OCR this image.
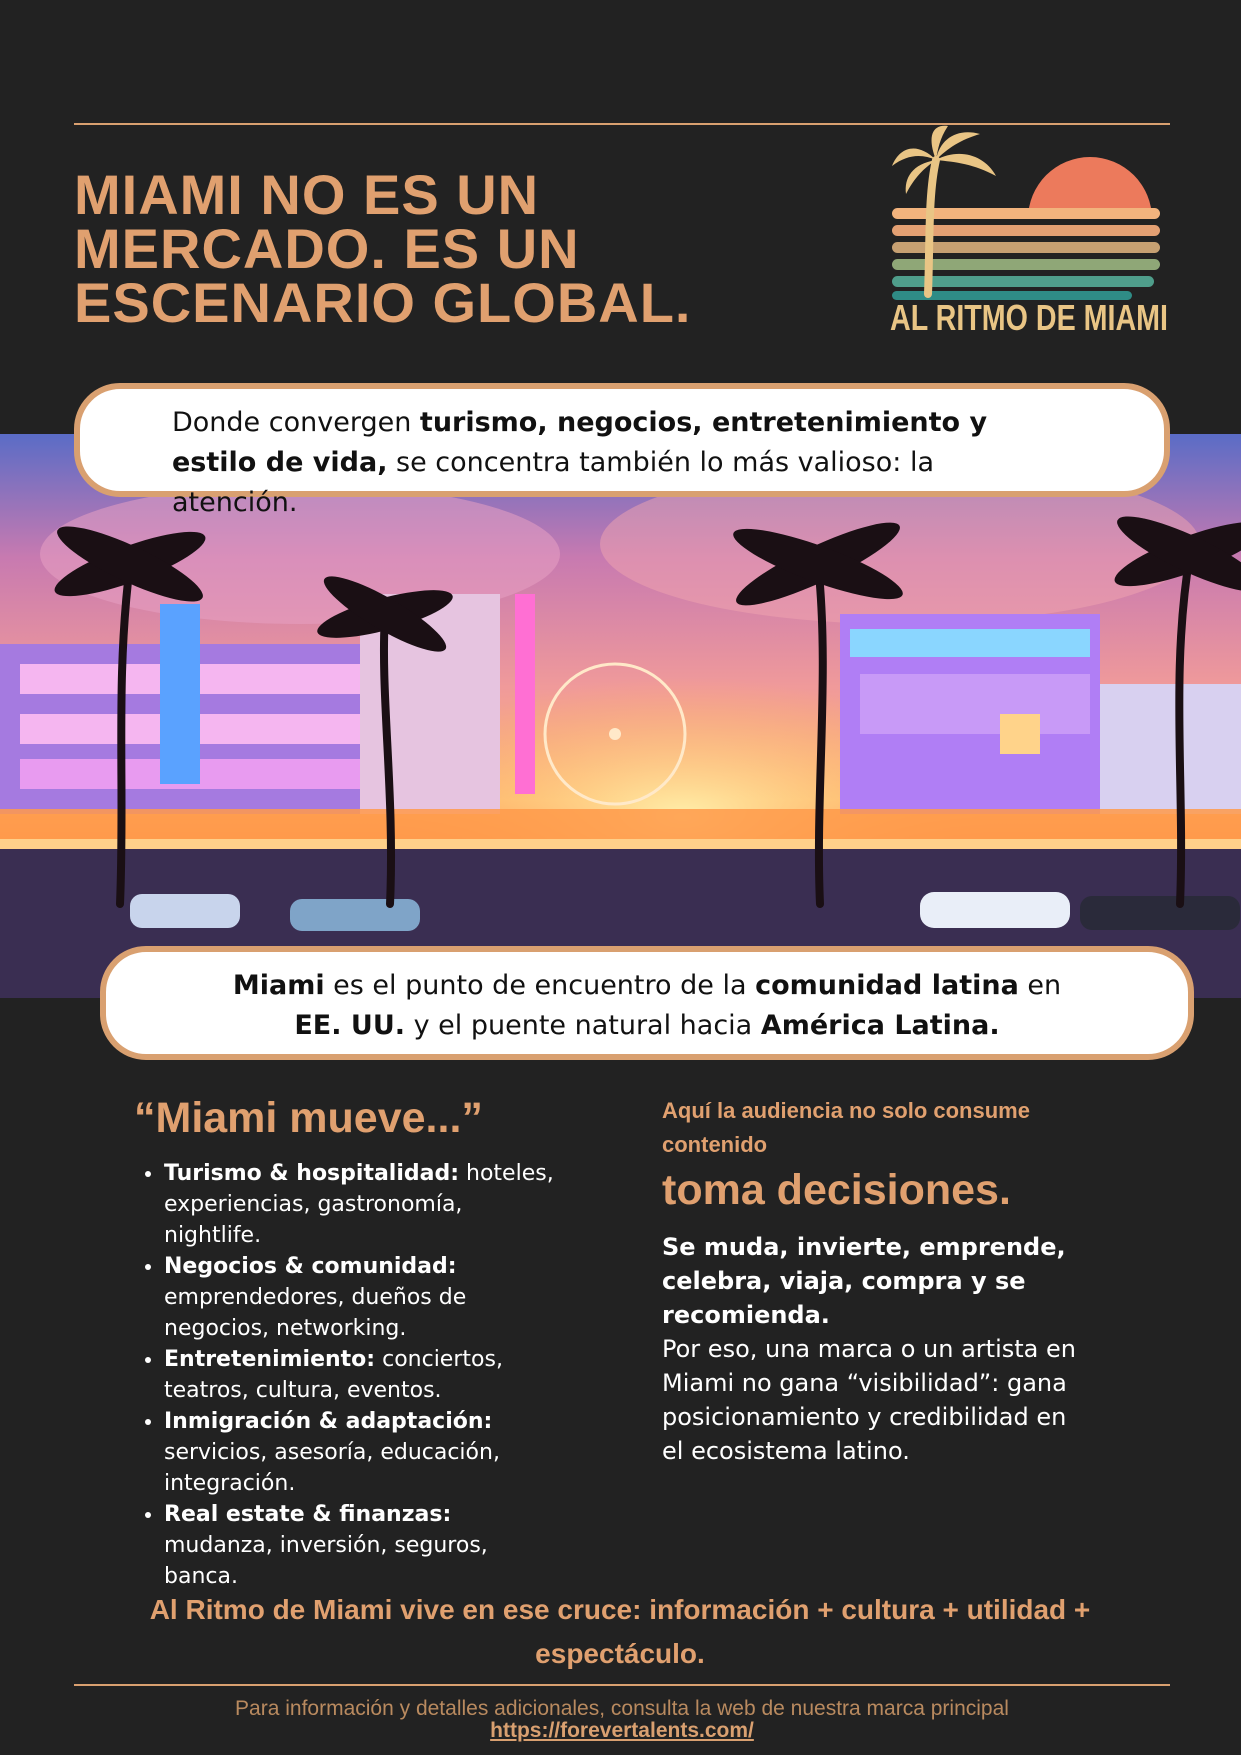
MIAMI NO ES UN
MERCADO. ES UN
ESCENARIO GLOBAL.	AL RITMO DE MIAMI
Donde convergen turismo, negocios, entretenimiento y estilo de vida, se concentra también lo más valioso: la atención.
Miami es el punto de encuentro de la comunidad latina en
EE. UU. y el puente natural hacia América Latina.
“Miami mueve...”
• Turismo & hospitalidad: hoteles, experiencias, gastronomía, nightlife.
• Negocios & comunidad: emprendedores, dueños de negocios, networking.
• Entretenimiento: conciertos, teatros, cultura, eventos.
• Inmigración & adaptación: servicios, asesoría, educación, integración.
• Real estate & finanzas: mudanza, inversión, seguros, banca.
Aquí la audiencia no solo consume contenido
toma decisiones.
Se muda, invierte, emprende, celebra, viaja, compra y se recomienda.
Por eso, una marca o un artista en Miami no gana “visibilidad”: gana posicionamiento y credibilidad en el ecosistema latino.
Al Ritmo de Miami vive en ese cruce: información + cultura + utilidad + espectáculo.
Para información y detalles adicionales, consulta la web de nuestra marca principal
https://forevertalents.com/
